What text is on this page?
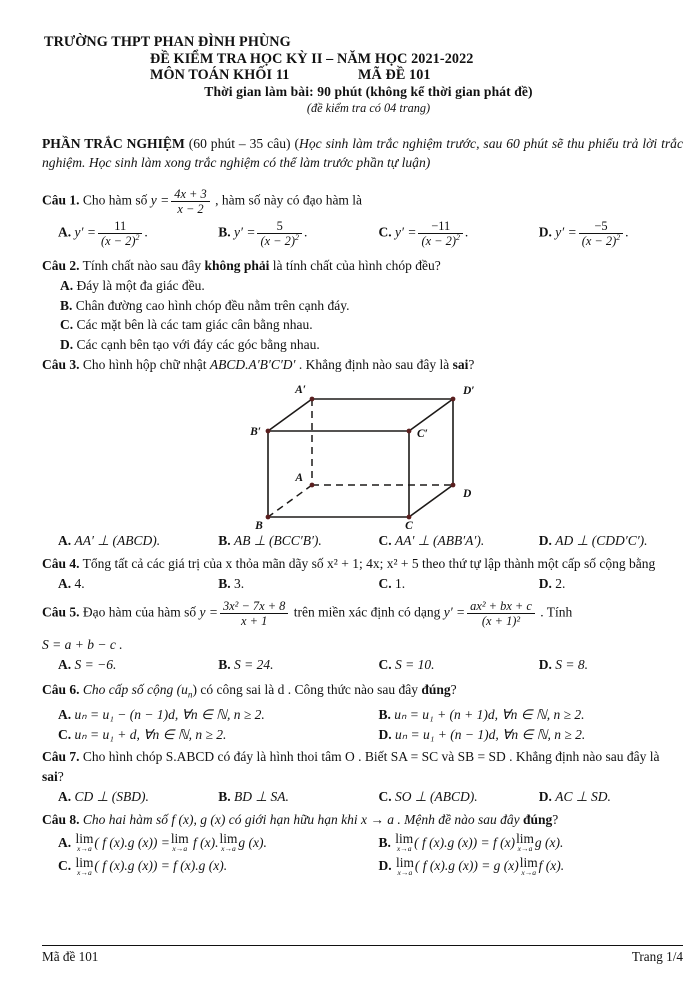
TRƯỜNG THPT PHAN ĐÌNH PHÙNG
ĐỀ KIỂM TRA HỌC KỲ II – NĂM HỌC 2021-2022
MÔN TOÁN KHỐI 11	MÃ ĐỀ 101
Thời gian làm bài: 90 phút (không kể thời gian phát đề)
(đề kiểm tra có 04 trang)
PHẦN TRẮC NGHIỆM (60 phút – 35 câu) (Học sinh làm trắc nghiệm trước, sau 60 phút sẽ thu phiếu trả lời trắc nghiệm. Học sinh làm xong trắc nghiệm có thể làm trước phần tự luận)
Câu 1. Cho hàm số $y = \frac{4x + 3}{x - 2}$ , hàm số này có đạo hàm là
A. $y' = \frac{11}{(x - 2)^2}$ .	B. $y' = \frac{5}{(x - 2)^2}$ .	C. $y' = \frac{-11}{(x - 2)^2}$ .	D. $y' = \frac{-5}{(x - 2)^2}$ .
Câu 2. Tính chất nào sau đây không phải là tính chất của hình chóp đều?
A. Đáy là một đa giác đều.
B. Chân đường cao hình chóp đều nằm trên cạnh đáy.
C. Các mặt bên là các tam giác cân bằng nhau.
D. Các cạnh bên tạo với đáy các góc bằng nhau.
Câu 3. Cho hình hộp chữ nhật ABCD.A′B′C′D′ . Khẳng định nào sau đây là sai?
B	C
D
A
B′	C′
D′
A′
A. AA′ ⊥ (ABCD).	B. AB ⊥ (BCC′B′).	C. AA′ ⊥ (ABB′A′).	D. AD ⊥ (CDD′C′).
Câu 4. Tổng tất cả các giá trị của x thỏa mãn dãy số x² + 1; 4x; x² + 5 theo thứ tự lập thành một cấp số cộng bằng
A. 4.	B. 3.	C. 1.	D. 2.
Câu 5. Đạo hàm của hàm số $y = \frac{\text{3x² − 7x + 8}}{x + 1}$ trên miền xác định có dạng $y' = \frac{\text{ax² + bx + c}}{\text{(x + 1)²}}$ . Tính
S = a + b − c .
A. S = −6.	B. S = 24.	C. S = 10.	D. S = 8.
Câu 6. Cho cấp số cộng $(u_n)$ có công sai là d . Công thức nào sau đây đúng?
A. uₙ = u₁ − (n − 1)d, ∀n ∈ ℕ, n ≥ 2.	B. uₙ = u₁ + (n + 1)d, ∀n ∈ ℕ, n ≥ 2.
C. uₙ = u₁ + d, ∀n ∈ ℕ, n ≥ 2.	D. uₙ = u₁ + (n − 1)d, ∀n ∈ ℕ, n ≥ 2.
Câu 7. Cho hình chóp S.ABCD có đáy là hình thoi tâm O . Biết SA = SC và SB = SD . Khẳng định nào sau đây là sai?
A. CD ⊥ (SBD).	B. BD ⊥ SA.	C. SO ⊥ (ABCD).	D. AC ⊥ SD.
Câu 8. Cho hai hàm số f (x), g (x) có giới hạn hữu hạn khi x → a . Mệnh đề nào sau đây đúng?
A. lim
x→a ( f (x).g (x)) = lim
x→a f (x). lim
x→a g (x).	B. lim
x→a ( f (x).g (x)) = f (x) lim
x→a g (x).
C. lim
x→a ( f (x).g (x)) = f (x).g (x).	D. lim
x→a ( f (x).g (x)) = g (x) lim
x→a f (x).
Mã đề 101	Trang 1/4
